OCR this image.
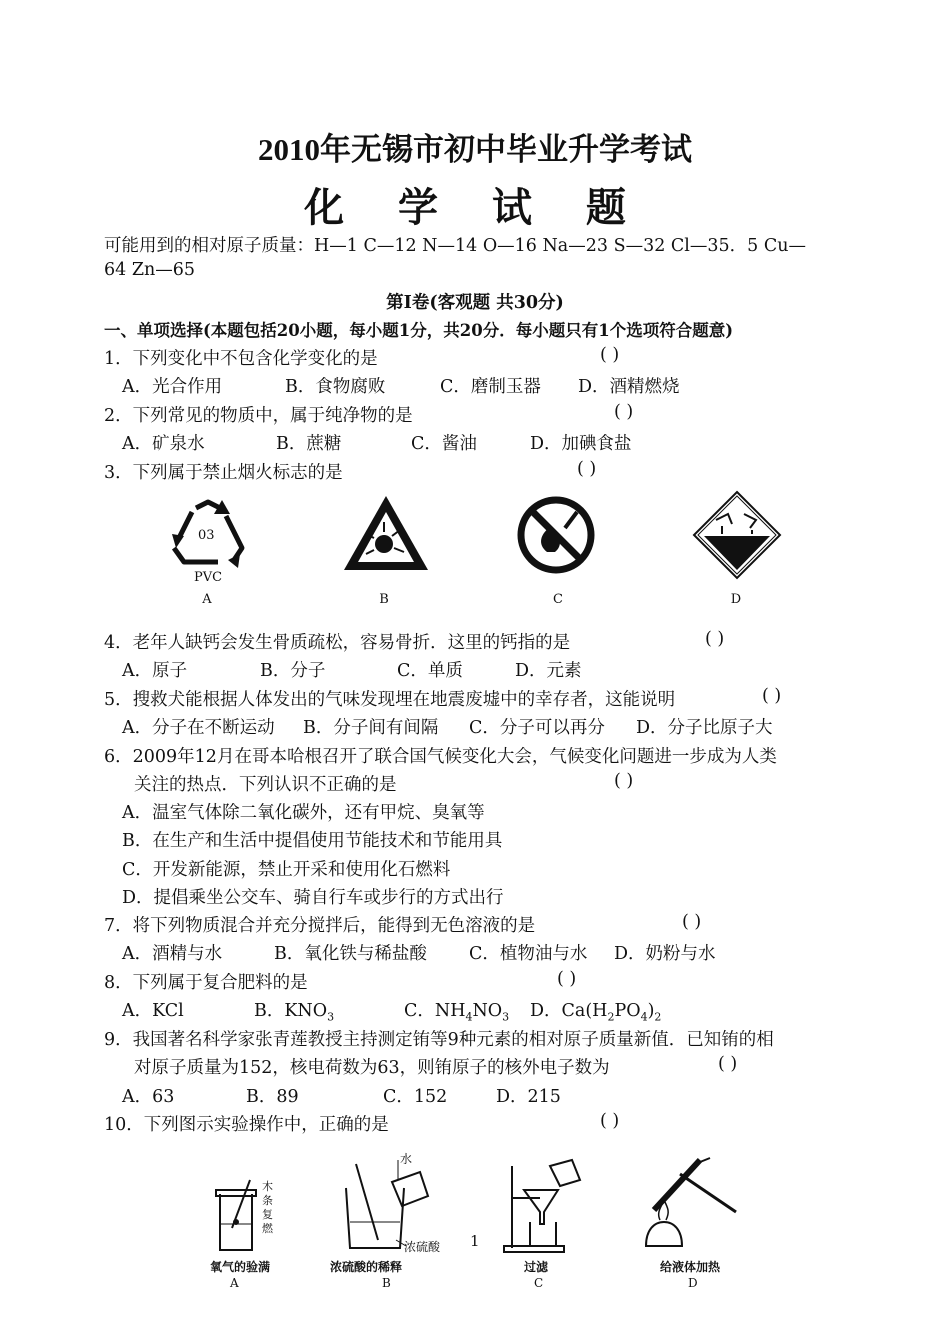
2010年无锡市初中毕业升学考试
化 学 试 题
可能用到的相对原子质量：H—1 C—12 N—14 O—16 Na—23 S—32 Cl—35．5 Cu—
64 Zn—65
第Ⅰ卷(客观题 共30分)
一、单项选择(本题包括20小题，每小题1分，共20分．每小题只有1个选项符合题意)
1．下列变化中不包含化学变化的是	( )
A．光合作用	B．食物腐败	C．磨制玉器 D．酒精燃烧
2．下列常见的物质中，属于纯净物的是	( )
A．矿泉水	B．蔗糖	C．酱油	D．加碘食盐
3．下列属于禁止烟火标志的是	( )
03
PVC
A	B	C	D
4．老年人缺钙会发生骨质疏松，容易骨折．这里的钙指的是	( )
A．原子	B．分子	C．单质	D．元素
5．搜救犬能根据人体发出的气味发现埋在地震废墟中的幸存者，这能说明	( )
A．分子在不断运动 B．分子间有间隔 C．分子可以再分 D．分子比原子大
6．2009年12月在哥本哈根召开了联合国气候变化大会，气候变化问题进一步成为人类
关注的热点．下列认识不正确的是	( )
A．温室气体除二氧化碳外，还有甲烷、臭氧等
B．在生产和生活中提倡使用节能技术和节能用具
C．开发新能源，禁止开采和使用化石燃料
D．提倡乘坐公交车、骑自行车或步行的方式出行
7．将下列物质混合并充分搅拌后，能得到无色溶液的是	( )
A．酒精与水	B．氧化铁与稀盐酸 C．植物油与水 D．奶粉与水
8．下列属于复合肥料的是	( )
A．KCl	B．$KNO_3$	C．$NH_4NO_3$ D．$Ca(H_2PO_4)_2$
9．我国著名科学家张青莲教授主持测定铕等9种元素的相对原子质量新值．已知铕的相
对原子质量为152，核电荷数为63，则铕原子的核外电子数为	( )
A．63	B．89	C．152	D．215
10．下列图示实验操作中，正确的是	( )
木条复燃
氧气的验满
A
水
浓硫酸
浓硫酸的稀释
B
过滤
C
给液体加热
D
1
